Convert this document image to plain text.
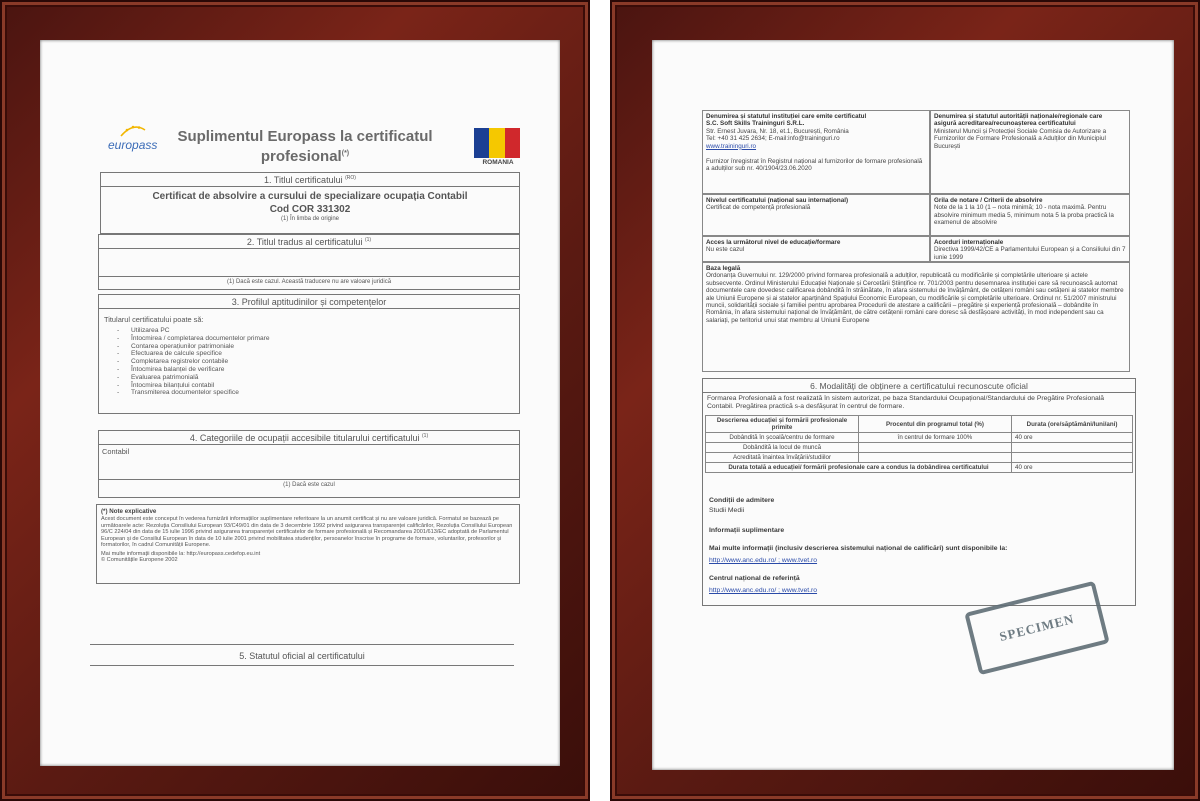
europass	Suplimentul Europass la certificatul
profesional(*)
ROMANIA
1. Titlul certificatului $^{(RO)}$
Certificat de absolvire a cursului de specializare ocupația Contabil
Cod COR 331302
(1) În limba de origine
2. Titlul tradus al certificatului $^{(1)}$
(1) Dacă este cazul. Această traducere nu are valoare juridică
3. Profilul aptitudinilor și competențelor
Titularul certificatului poate să:
- Utilizarea PC
- Întocmirea / completarea documentelor primare
- Contarea operațiunilor patrimoniale
- Efectuarea de calcule specifice
- Completarea registrelor contabile
- Întocmirea balanței de verificare
- Evaluarea patrimonială
- Întocmirea bilanțului contabil
- Transmiterea documentelor specifice
4. Categoriile de ocupații accesibile titularului certificatului $^{(1)}$
Contabil
(1) Dacă este cazul
(*) Note explicative
Acest document este conceput în vederea furnizării informațiilor suplimentare referitoare la un anumit certificat și nu are valoare juridică. Formatul se bazează pe următoarele acte: Rezoluția Consiliului European 93/C49/01 din data de 3 decembrie 1992 privind asigurarea transparenței calificărilor, Rezoluția Consiliului European 96/C 224/04 din data de 15 iulie 1996 privind asigurarea transparenței certificatelor de formare profesională și Recomandarea 2001/613/EC adoptată de Parlamentul European și de Consiliul European în data de 10 iulie 2001 privind mobilitatea studenților, persoanelor înscrise în programe de formare, voluntarilor, profesorilor și formatorilor, în cadrul Comunității Europene.
Mai multe informații disponibile la: http://europass.cedefop.eu.int
© Comunitățile Europene 2002
5. Statutul oficial al certificatului
Denumirea și statutul instituției care emite certificatul
S.C. Soft Skills Traininguri S.R.L.
Str. Ernest Juvara, Nr. 18, et.1, București, România
Tel: +40 31 425 2634; E-mail:info@traininguri.ro
www.traininguri.ro
Furnizor înregistrat în Registrul național al furnizorilor de formare profesională a adulților sub nr. 40/1904/23.06.2020
Denumirea și statutul autorității naționale/regionale care asigură acreditarea/recunoașterea certificatului
Ministerul Muncii și Protecției Sociale Comisia de Autorizare a Furnizorilor de Formare Profesională a Adulților din Municipiul București
Nivelul certificatului (național sau internațional)
Certificat de competență profesională
Grila de notare / Criterii de absolvire
Note de la 1 la 10 (1 – nota minimă; 10 - nota maximă. Pentru absolvire minimum media 5, minimum nota 5 la proba practică la examenul de absolvire
Acces la următorul nivel de educație/formare
Nu este cazul
Acorduri internaționale
Directiva 1999/42/CE a Parlamentului European și a Consiliului din 7 iunie 1999
Baza legală
Ordonanța Guvernului nr. 129/2000 privind formarea profesională a adulților, republicată cu modificările și completările ulterioare și actele subsecvente. Ordinul Ministerului Educației Naționale și Cercetării Științifice nr. 701/2003 pentru desemnarea instituției care să recunoască automat documentele care dovedesc calificarea dobândită în străinătate, în afara sistemului de învățământ, de cetățeni români sau cetățeni ai statelor membre ale Uniunii Europene și ai statelor aparținând Spațiului Economic European, cu modificările și completările ulterioare. Ordinul nr. 51/2007 ministrului muncii, solidarității sociale și familiei pentru aprobarea Procedurii de atestare a calificării – pregătire și experiență profesională – dobândite în România, în afara sistemului național de învățământ, de către cetățenii români care doresc să desfășoare activități, în mod independent sau ca salariați, pe teritoriul unui stat membru al Uniunii Europene
6. Modalități de obținere a certificatului recunoscute oficial
Formarea Profesională a fost realizată în sistem autorizat, pe baza Standardului Ocupațional/Standardului de Pregătire Profesională Contabil. Pregătirea practică s-a desfășurat în centrul de formare.
Descrierea educației și formării profesionale primite	Procentul din programul total (%)	Durata (ore/săptămâni/luni/ani)
Dobândită în școală/centru de formare	în centrul de formare 100%	40 ore
Dobândită la locul de muncă		
Acreditată înaintea învățării/studiilor		
Durata totală a educației/ formării profesionale care a condus la dobândirea certificatului		40 ore
Condiții de admitere
Studii Medii
Informații suplimentare
Mai multe informații (inclusiv descrierea sistemului național de calificări) sunt disponibile la:
http://www.anc.edu.ro/ ; www.tvet.ro
Centrul național de referință
http://www.anc.edu.ro/ ; www.tvet.ro
SPECIMEN
